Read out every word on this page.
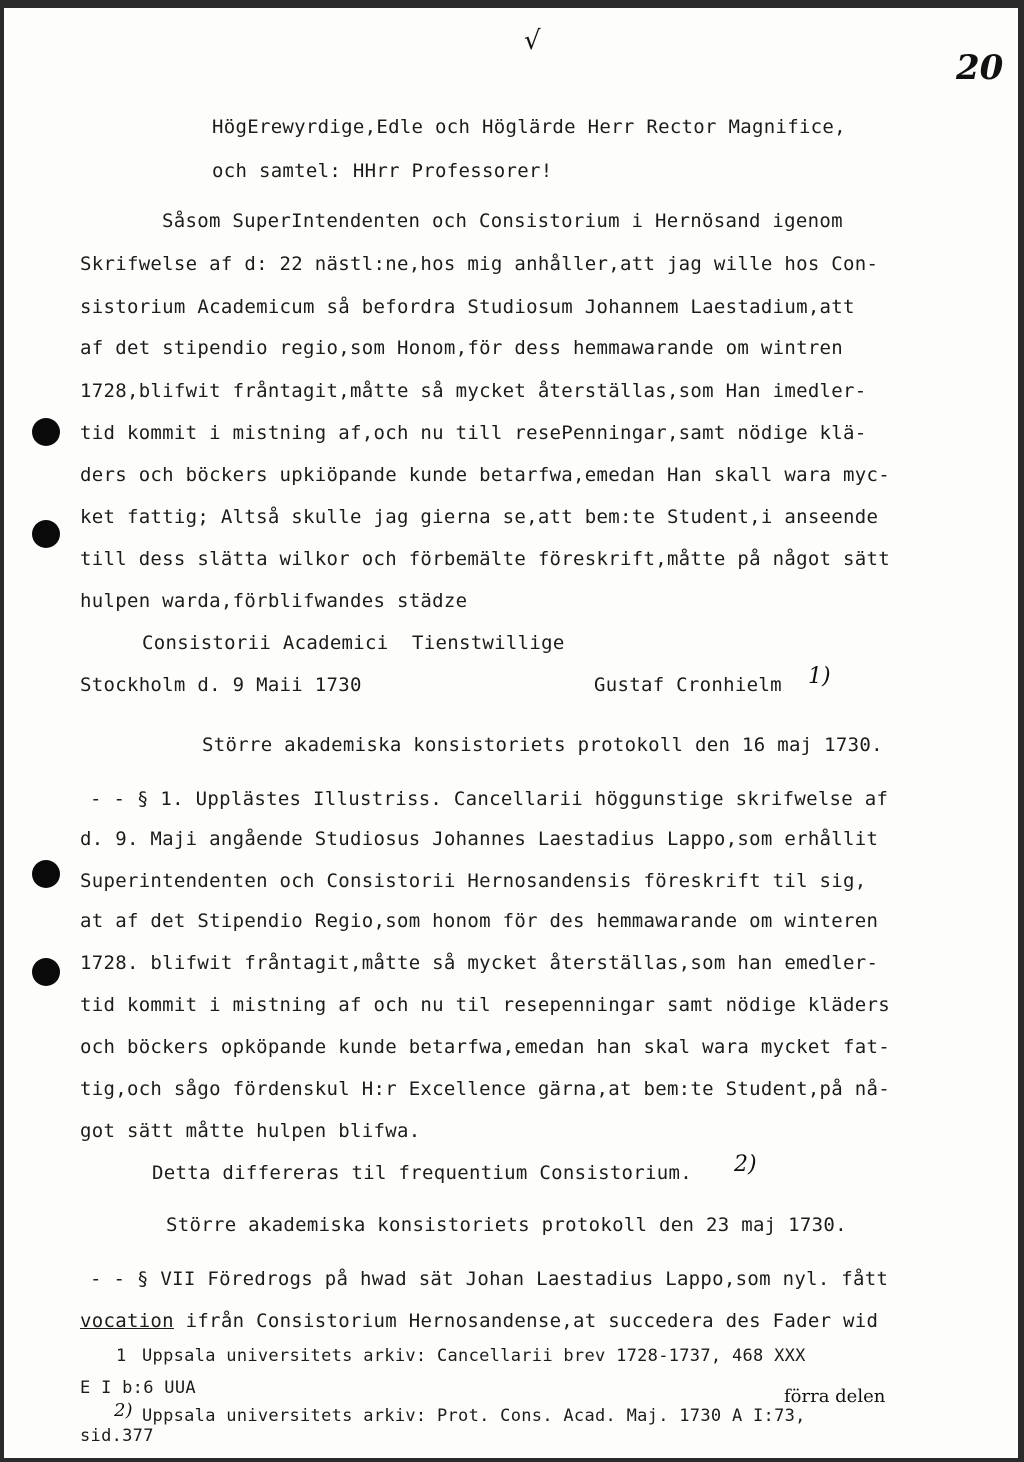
√
20
HögErewyrdige,Edle och Höglärde Herr Rector Magnifice,
och samtel: HHrr Professorer!
Såsom SuperIntendenten och Consistorium i Hernösand igenom
Skrifwelse af d: 22 nästl:ne,hos mig anhåller,att jag wille hos Con-
sistorium Academicum så befordra Studiosum Johannem Laestadium,att
af det stipendio regio,som Honom,för dess hemmawarande om wintren
1728,blifwit fråntagit,måtte så mycket återställas,som Han imedler-
tid kommit i mistning af,och nu till resePenningar,samt nödige klä-
ders och böckers upkiöpande kunde betarfwa,emedan Han skall wara myc-
ket fattig; Altså skulle jag gierna se,att bem:te Student,i anseende
till dess slätta wilkor och förbemälte föreskrift,måtte på något sätt
hulpen warda,förblifwandes städze
Consistorii Academici  Tienstwillige
Stockholm d. 9 Maii 1730	Gustaf Cronhielm 1)
Större akademiska konsistoriets protokoll den 16 maj 1730.
- - § 1. Upplästes Illustriss. Cancellarii höggunstige skrifwelse af
d. 9. Maji angående Studiosus Johannes Laestadius Lappo,som erhållit
Superintendenten och Consistorii Hernosandensis föreskrift til sig,
at af det Stipendio Regio,som honom för des hemmawarande om winteren
1728. blifwit fråntagit,måtte så mycket återställas,som han emedler-
tid kommit i mistning af och nu til resepenningar samt nödige kläders
och böckers opköpande kunde betarfwa,emedan han skal wara mycket fat-
tig,och sågo fördenskul H:r Excellence gärna,at bem:te Student,på nå-
got sätt måtte hulpen blifwa.
Detta differeras til frequentium Consistorium. 2)
Större akademiska konsistoriets protokoll den 23 maj 1730.
- - § VII Föredrogs på hwad sät Johan Laestadius Lappo,som nyl. fått
vocation ifrån Consistorium Hernosandense,at succedera des Fader wid
1 Uppsala universitets arkiv: Cancellarii brev 1728-1737, 468 XXX
E I b:6 UUA
2) Uppsala universitets arkiv: Prot. Cons. Acad. Maj. 1730 A I:73,
förra delen
sid.377
